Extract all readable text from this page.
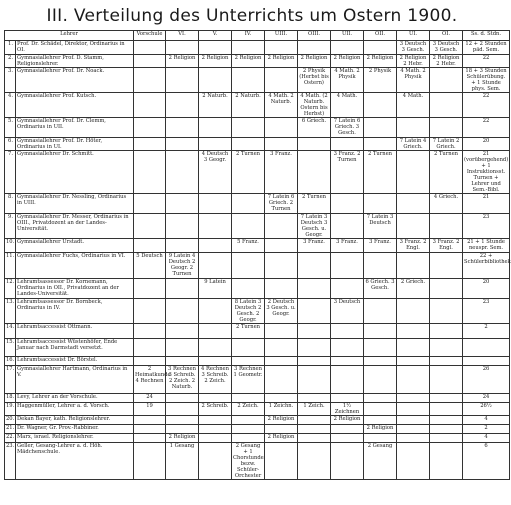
III. Verteilung des Unterrichts um Ostern 1900.
Lehrer		Vorschule	VI.	V.	IV.	UIII.	OIII.	UII.	OII.	UI.	OI.	Ss. d. Stdn.
1.	Prof. Dr. Schädel, Direktor, Ordinarius in OI.									3 Deutsch 3 Gesch.	3 Deutsch 3 Gesch.	12 + 2 Stunden päd. Sem.
2.	Gymnasiallehrer Prof. D. Stamm, Religionslehrer.		2 Religion	2 Religion	2 Religion	2 Religion	2 Religion	2 Religion	2 Religion	2 Religion 2 Hebr.	2 Religion 2 Hebr.	22
3.	Gymnasiallehrer Prof. Dr. Noack.						2 Physik (Herbst bis Ostern)	4 Math. 2 Physik	2 Physik	4 Math. 2 Physik		18 + 3 Stunden Schülerübung. + 1 Stunde phys. Sem.
4.	Gymnasiallehrer Prof. Kutsch.			2 Naturb.	2 Naturb.	4 Math. 2 Naturb.	4 Math. (2 Naturb. Ostern bis Herbst)	4 Math.		4 Math.		22
5.	Gymnasiallehrer Prof. Dr. Clemm, Ordinarius in UII.						6 Griech.	7 Latein 6 Griech. 3 Gesch.				22
6.	Gymnasiallehrer Prof. Dr. Höter, Ordinarius in UI.									7 Latein 4 Griech.	7 Latein 2 Griech.	20
7.	Gymnasiallehrer Dr. Schmitt.			4 Deutsch 3 Geogr.	2 Turnen	3 Franz.		3 Franz. 2 Turnen	2 Turnen		2 Turnen	21 (vorübergehend) + 1 Instruktionsst. Turnen + Lehrer und Sem.-Bibl.
8.	Gymnasiallehrer Dr. Nessling, Ordinarius in UIII.					7 Latein 6 Griech. 2 Turnen	2 Turnen				4 Griech.	21
9.	Gymnasiallehrer Dr. Messer, Ordinarius in OIII., Privatdozent an der Landes-Universität.						7 Latein 3 Deutsch 3 Gesch. u. Geogr.		7 Latein 3 Deutsch			23
10.	Gymnasiallehrer Urstadt.				5 Franz.		3 Franz.	3 Franz.	3 Franz.	3 Franz. 2 Engl.	3 Franz. 2 Engl.	21 + 1 Stunde neuspr. Sem.
11.	Gymnasiallehrer Fuchs, Ordinarius in VI.	5 Deutsch	9 Latein 4 Deutsch 2 Geogr. 2 Turnen									22 + Schülerbibliothek
12.	Lehramtsassessor Dr. Kornemann, Ordinarius in OII., Privatdozent an der Landes-Universität.			9 Latein					6 Griech. 3 Gesch.	2 Griech.		20
13.	Lehramtsassessor Dr. Bornbeck, Ordinarius in IV.				8 Latein 3 Deutsch 2 Gesch. 2 Geogr.	2 Deutsch 3 Gesch. u. Geogr.		3 Deutsch				23
14.	Lehramtsaccessist Ottmann.				2 Turnen							2
15.	Lehramtsaccessist Wüstenhöfer, Ende Januar nach Darmstadt versetzt.											
16.	Lehramtsaccessist Dr. Börstel.											
17.	Gymnasiallehrer Hartmann, Ordinarius in V.	2 Heimatkunde 4 Rechnen	3 Rechnen 3 Schreib. 2 Zeich. 2 Naturb.	4 Rechnen 3 Schreib. 2 Zeich.	3 Rechnen 1 Geometr.							26
18.	Levy, Lehrer an der Vorschule.	24										24
19.	Haggenmüller, Lehrer a. d. Vorsch.	19		2 Schreib.	2 Zeich.	1 Zeichn.	1 Zeich.	1½ Zeichnen				26½
20.	Dekan Bayer, kath. Religionslehrer.					2 Religion		2 Religion				4
21.	Dr. Wagner, Gr. Prov.-Rabbiner.								2 Religion			2
22.	Marx, israel. Religionslehrer.		2 Religion			2 Religion						4
23.	Geller, Gesang-Lehrer a. d. Höh. Mädchenschule.		1 Gesang		2 Gesang + 1 Chorstunde bezw. Schüler-Orchester				2 Gesang			6
